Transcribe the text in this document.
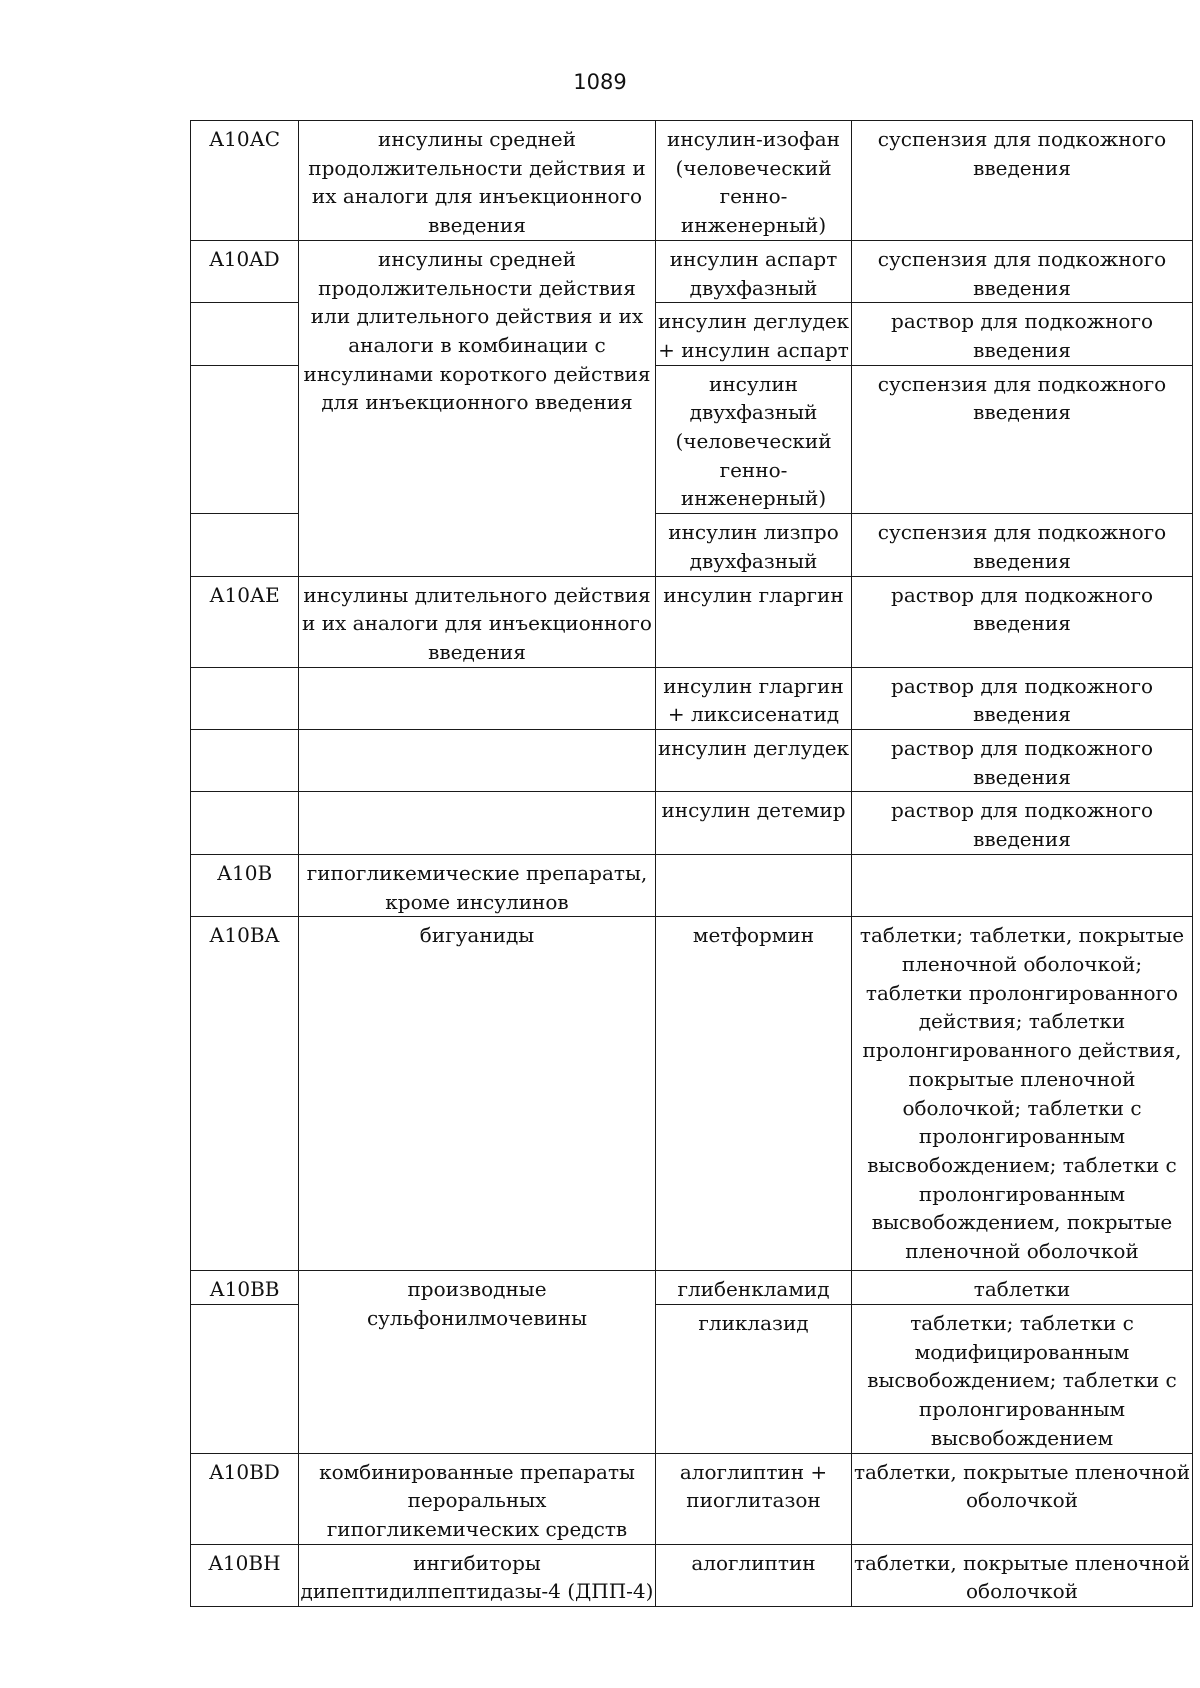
1089
А10АС	инсулины средней продолжительности действия и их аналоги для инъекционного введения	инсулин-изофан (человеческий генно-инженерный)	суспензия для подкожного введения
A10AD	инсулины средней продолжительности действия или длительного действия и их аналоги в комбинации с инсулинами короткого действия для инъекционного введения	инсулин аспарт двухфазный	суспензия для подкожного введения
		инсулин деглудек + инсулин аспарт	раствор для подкожного введения
		инсулин двухфазный (человеческий генно-инженерный)	суспензия для подкожного введения
		инсулин лизпро двухфазный	суспензия для подкожного введения
А10АЕ	инсулины длительного действия и их аналоги для инъекционного введения	инсулин гларгин	раствор для подкожного введения
		инсулин гларгин + ликсисенатид	раствор для подкожного введения
		инсулин деглудек	раствор для подкожного введения
		инсулин детемир	раствор для подкожного введения
А10В	гипогликемические препараты, кроме инсулинов		
А10ВА	бигуаниды	метформин	таблетки; таблетки, покрытые пленочной оболочкой; таблетки пролонгированного действия; таблетки пролонгированного действия, покрытые пленочной оболочкой; таблетки с пролонгированным высвобождением; таблетки с пролонгированным высвобождением, покрытые пленочной оболочкой
А10ВВ	производные сульфонилмочевины	глибенкламид	таблетки
		гликлазид	таблетки; таблетки с модифицированным высвобождением; таблетки с пролонгированным высвобождением
A10BD	комбинированные препараты пероральных гипогликемических средств	алоглиптин + пиоглитазон	таблетки, покрытые пленочной оболочкой
A10BH	ингибиторы дипептидилпептидазы-4 (ДПП-4)	алоглиптин	таблетки, покрытые пленочной оболочкой
